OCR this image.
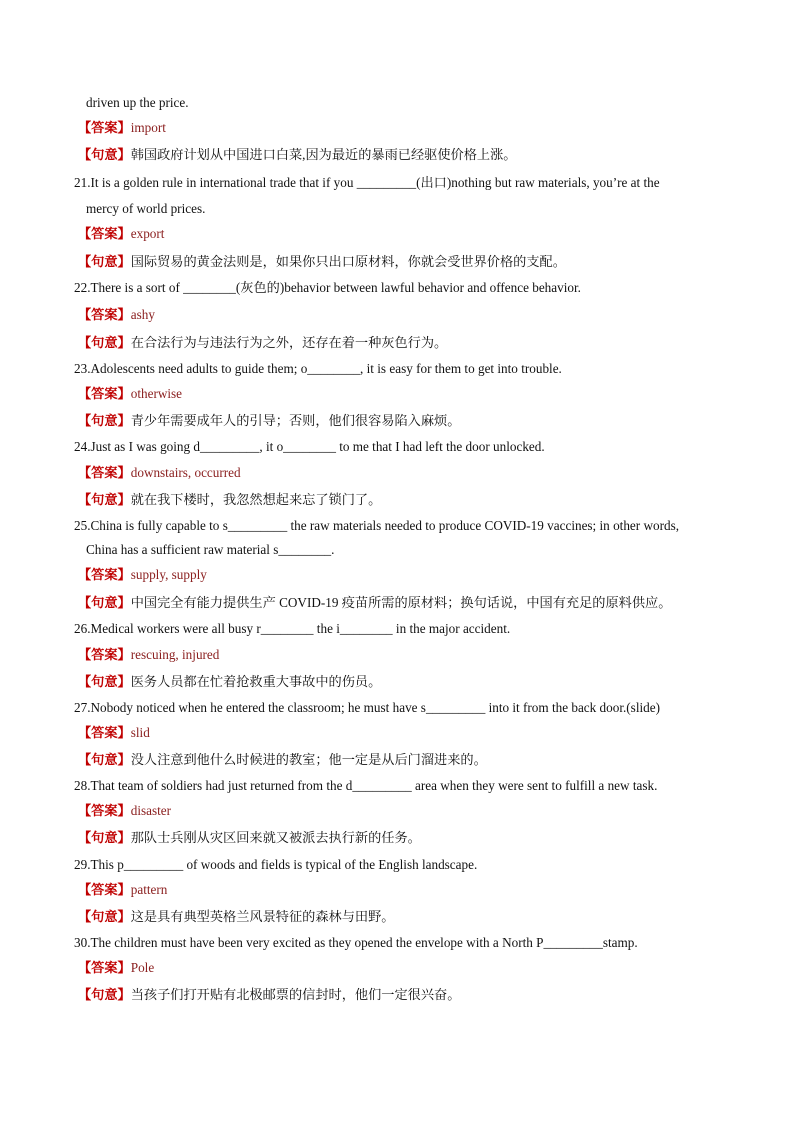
driven up the price.
【答案】import
【句意】韩国政府计划从中国进口白菜,因为最近的暴雨已经驱使价格上涨。
21.It is a golden rule in international trade that if you _________(出口)nothing but raw materials, you’re at the
mercy of world prices.
【答案】export
【句意】国际贸易的黄金法则是，如果你只出口原材料，你就会受世界价格的支配。
22.There is a sort of ________(灰色的)behavior between lawful behavior and offence behavior.
【答案】ashy
【句意】在合法行为与违法行为之外，还存在着一种灰色行为。
23.Adolescents need adults to guide them; o________, it is easy for them to get into trouble.
【答案】otherwise
【句意】青少年需要成年人的引导；否则，他们很容易陷入麻烦。
24.Just as I was going d_________, it o________ to me that I had left the door unlocked.
【答案】downstairs, occurred
【句意】就在我下楼时，我忽然想起来忘了锁门了。
25.China is fully capable to s_________ the raw materials needed to produce COVID-19 vaccines; in other words,
China has a sufficient raw material s________.
【答案】supply, supply
【句意】中国完全有能力提供生产 COVID-19 疫苗所需的原材料；换句话说，中国有充足的原料供应。
26.Medical workers were all busy r________ the i________ in the major accident.
【答案】rescuing, injured
【句意】医务人员都在忙着抢救重大事故中的伤员。
27.Nobody noticed when he entered the classroom; he must have s_________ into it from the back door.(slide)
【答案】slid
【句意】没人注意到他什么时候进的教室；他一定是从后门溜进来的。
28.That team of soldiers had just returned from the d_________ area when they were sent to fulfill a new task.
【答案】disaster
【句意】那队士兵刚从灾区回来就又被派去执行新的任务。
29.This p_________ of woods and fields is typical of the English landscape.
【答案】pattern
【句意】这是具有典型英格兰风景特征的森林与田野。
30.The children must have been very excited as they opened the envelope with a North P_________stamp.
【答案】Pole
【句意】当孩子们打开贴有北极邮票的信封时，他们一定很兴奋。
